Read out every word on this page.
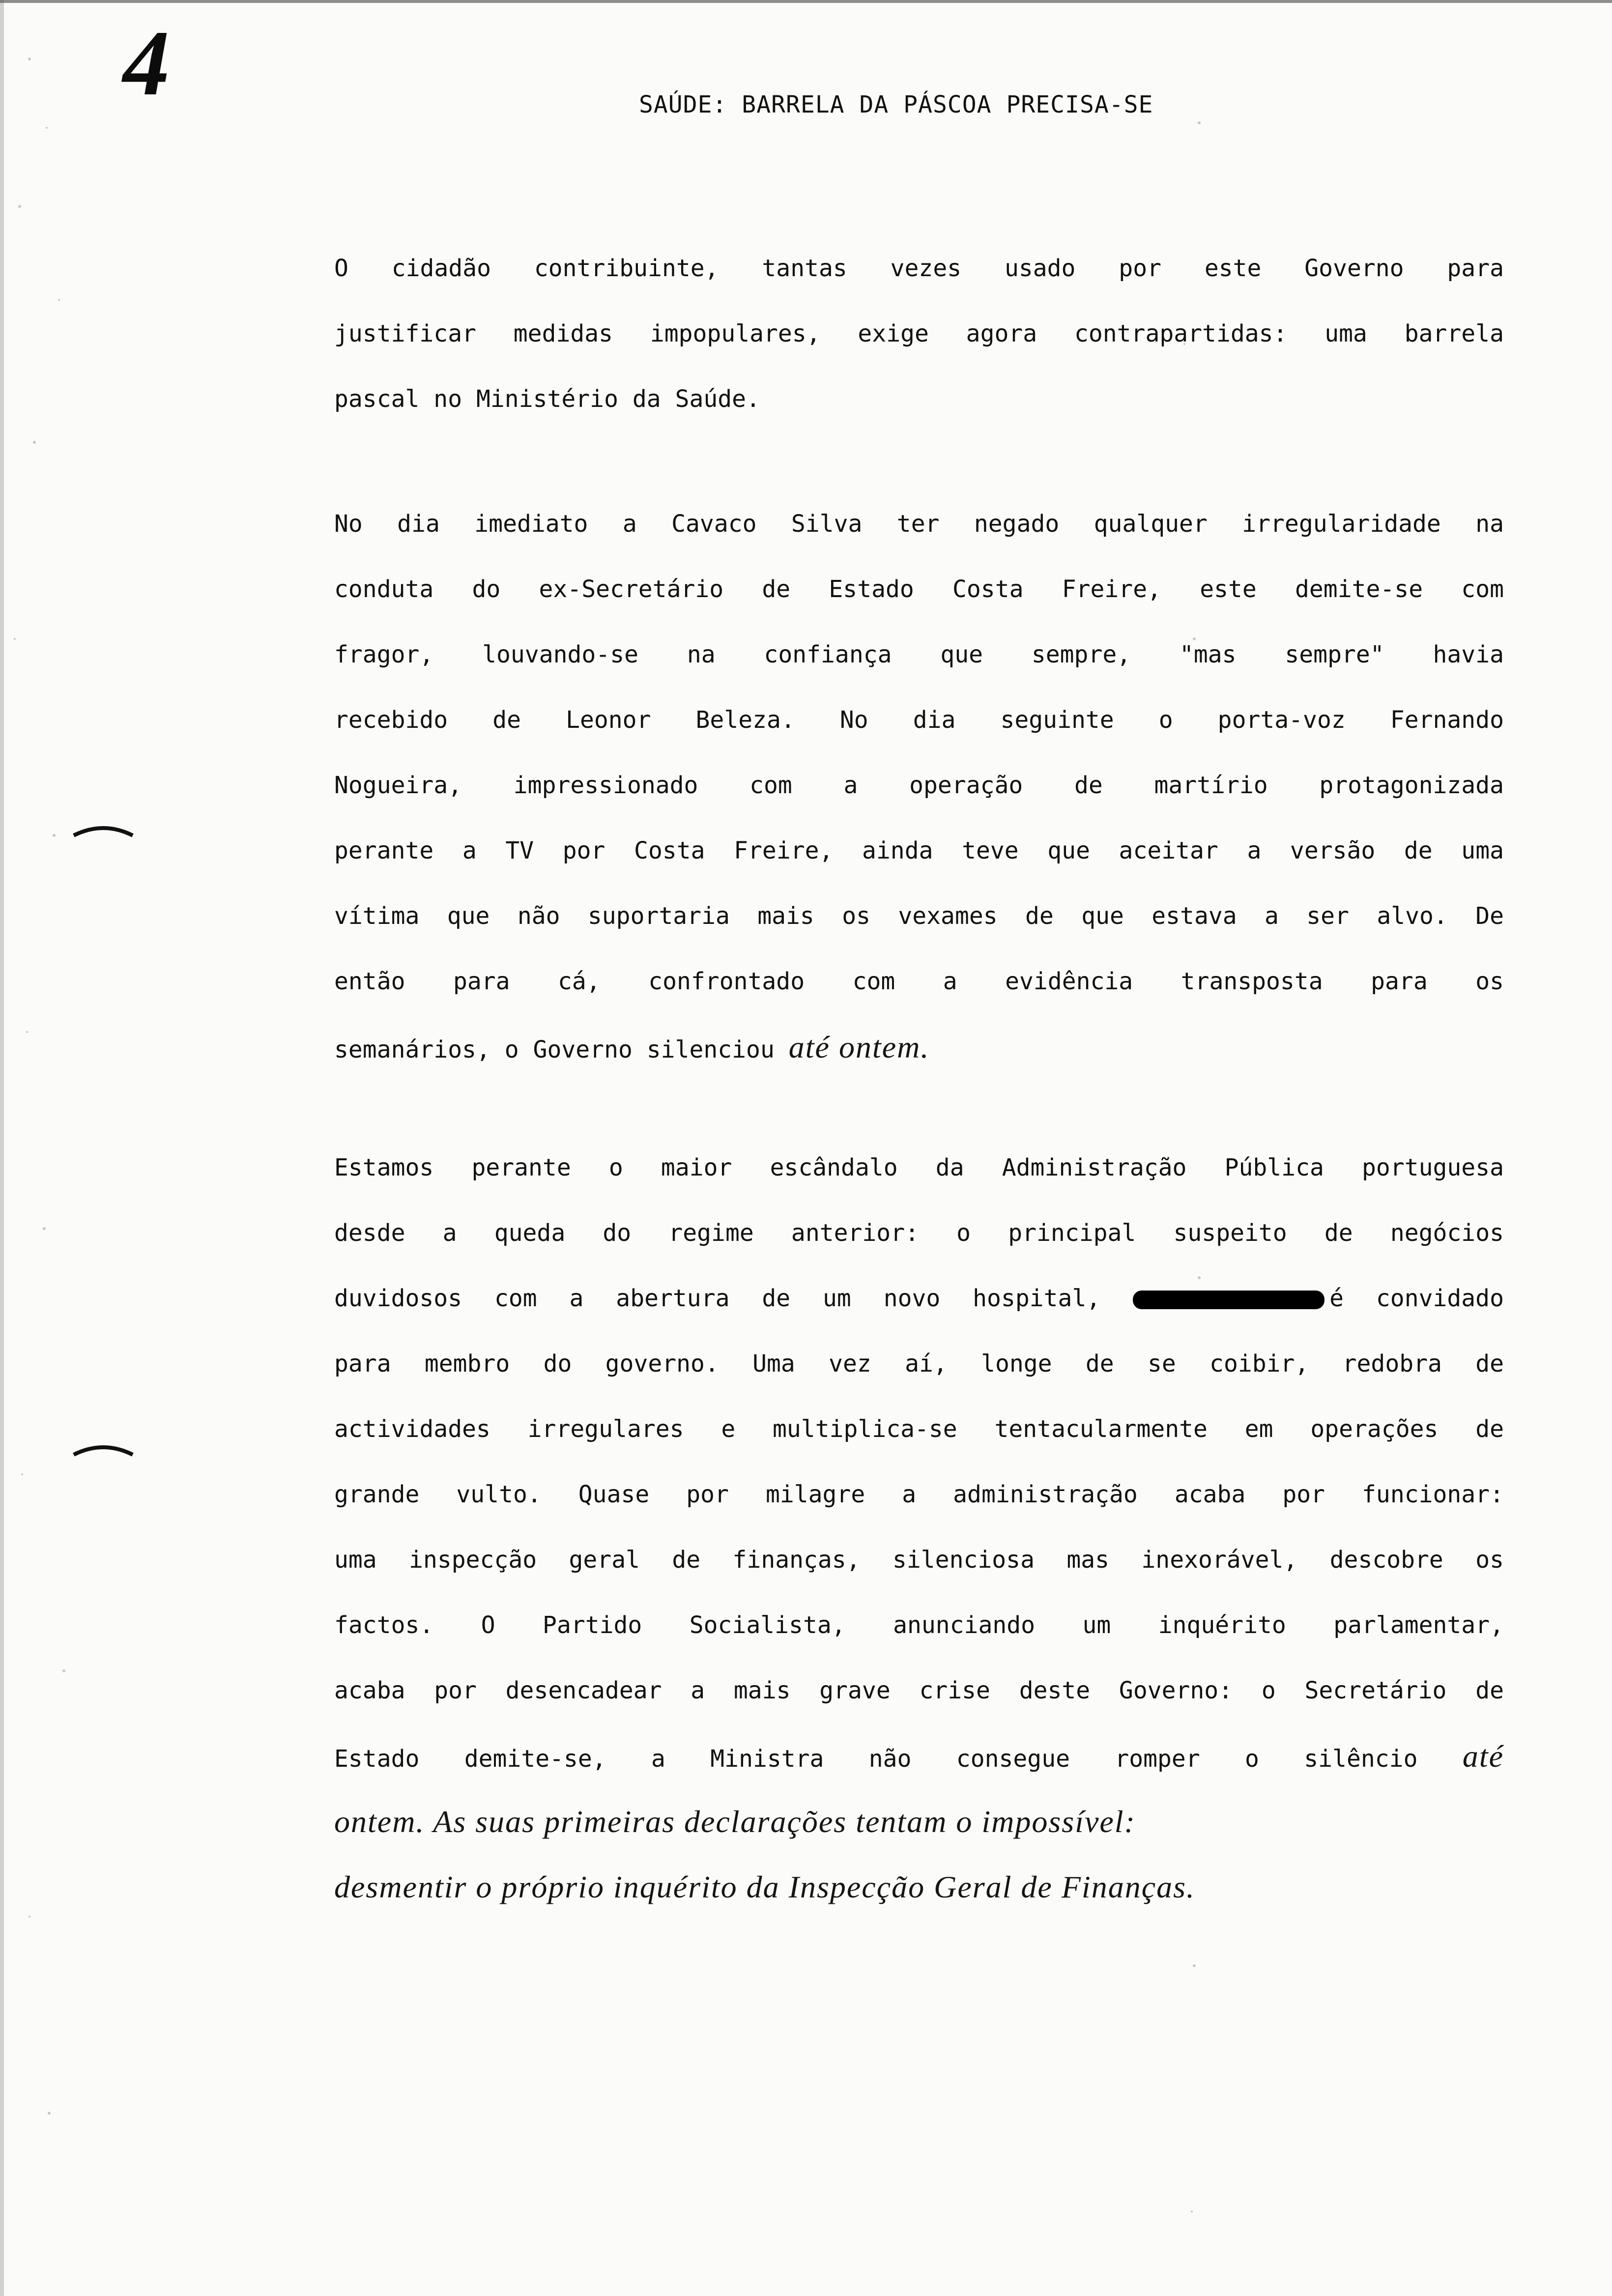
4	SAÚDE: BARRELA DA PÁSCOA PRECISA-SE
O cidadão contribuinte, tantas vezes usado por este Governo para
justificar medidas impopulares, exige agora contrapartidas: uma barrela
pascal no Ministério da Saúde.
No dia imediato a Cavaco Silva ter negado qualquer irregularidade na
conduta do ex-Secretário de Estado Costa Freire, este demite-se com
fragor, louvando-se na confiança que sempre, "mas sempre" havia
recebido de Leonor Beleza. No dia seguinte o porta-voz Fernando
Nogueira, impressionado com a operação de martírio protagonizada
perante a TV por Costa Freire, ainda teve que aceitar a versão de uma
vítima que não suportaria mais os vexames de que estava a ser alvo. De
então para cá, confrontado com a evidência transposta para os
semanários, o Governo silenciou até ontem.
Estamos perante o maior escândalo da Administração Pública portuguesa
desde a queda do regime anterior: o principal suspeito de negócios
duvidosos com a abertura de um novo hospital,	é convidado
para membro do governo. Uma vez aí, longe de se coibir, redobra de
actividades irregulares e multiplica-se tentacularmente em operações de
grande vulto. Quase por milagre a administração acaba por funcionar:
uma inspecção geral de finanças, silenciosa mas inexorável, descobre os
factos. O Partido Socialista, anunciando um inquérito parlamentar,
acaba por desencadear a mais grave crise deste Governo: o Secretário de
Estado demite-se, a Ministra não consegue romper o silêncio até
ontem. As suas primeiras declarações tentam o impossível:
desmentir o próprio inquérito da Inspecção Geral de Finanças.
